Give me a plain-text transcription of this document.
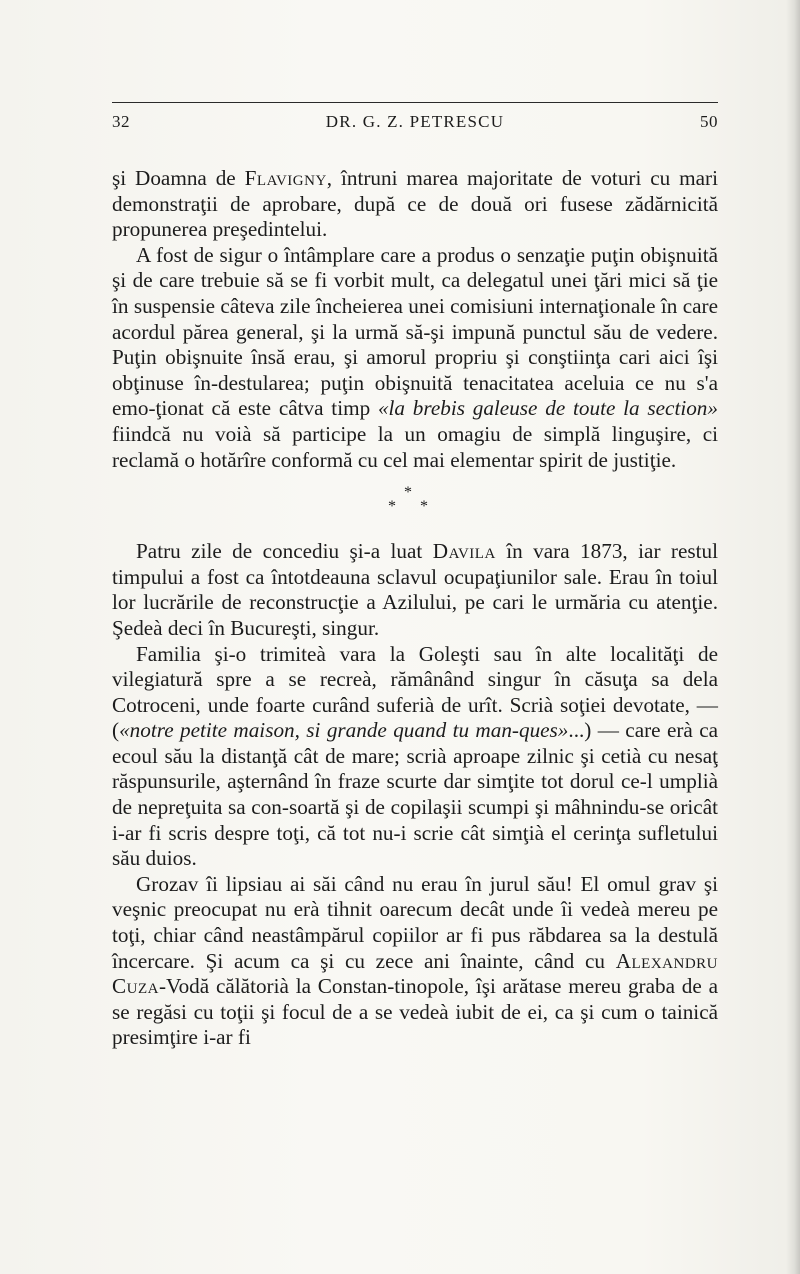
32	DR. G. Z. PETRESCU	50

şi Doamna de Flavigny, întruni marea majoritate de voturi cu mari demonstraţii de aprobare, după ce de două ori fusese zădărnicită propunerea preşedintelui.

A fost de sigur o întâmplare care a produs o senzaţie puţin obişnuită şi de care trebuie să se fi vorbit mult, ca delegatul unei ţări mici să ţie în suspensie câteva zile încheierea unei comisiuni internaţionale în care acordul părea general, şi la urmă să-şi impună punctul său de vedere. Puţin obişnuite însă erau, şi amorul propriu şi conştiinţa cari aici îşi obţinuse în-destularea; puţin obişnuită tenacitatea aceluia ce nu s'a emo-ţionat că este câtva timp «la brebis galeuse de toute la section» fiindcă nu voià să participe la un omagiu de simplă linguşire, ci reclamă o hotărîre conformă cu cel mai elementar spirit de justiţie.

*
* *

Patru zile de concediu şi-a luat Davila în vara 1873, iar restul timpului a fost ca întotdeauna sclavul ocupaţiunilor sale. Erau în toiul lor lucrările de reconstrucţie a Azilului, pe cari le urmăria cu atenţie. Şedeà deci în Bucureşti, singur.

Familia şi-o trimiteà vara la Goleşti sau în alte localităţi de vilegiatură spre a se recreà, rămânând singur în căsuţa sa dela Cotroceni, unde foarte curând suferià de urît. Scrià soţiei devotate, — («notre petite maison, si grande quand tu man-ques»...) — care erà ca ecoul său la distanţă cât de mare; scrià aproape zilnic şi cetià cu nesaţ răspunsurile, aşternând în fraze scurte dar simţite tot dorul ce-l umplià de nepreţuita sa con-soartă şi de copilaşii scumpi şi mâhnindu-se oricât i-ar fi scris despre toţi, că tot nu-i scrie cât simţià el cerinţa sufletului său duios.

Grozav îi lipsiau ai săi când nu erau în jurul său! El omul grav şi veşnic preocupat nu erà tihnit oarecum decât unde îi vedeà mereu pe toţi, chiar când neastâmpărul copiilor ar fi pus răbdarea sa la destulă încercare. Şi acum ca şi cu zece ani înainte, când cu Alexandru Cuza-Vodă călătorià la Constan-tinopole, îşi arătase mereu graba de a se regăsi cu toţii şi focul de a se vedeà iubit de ei, ca şi cum o tainică presimţire i-ar fi
